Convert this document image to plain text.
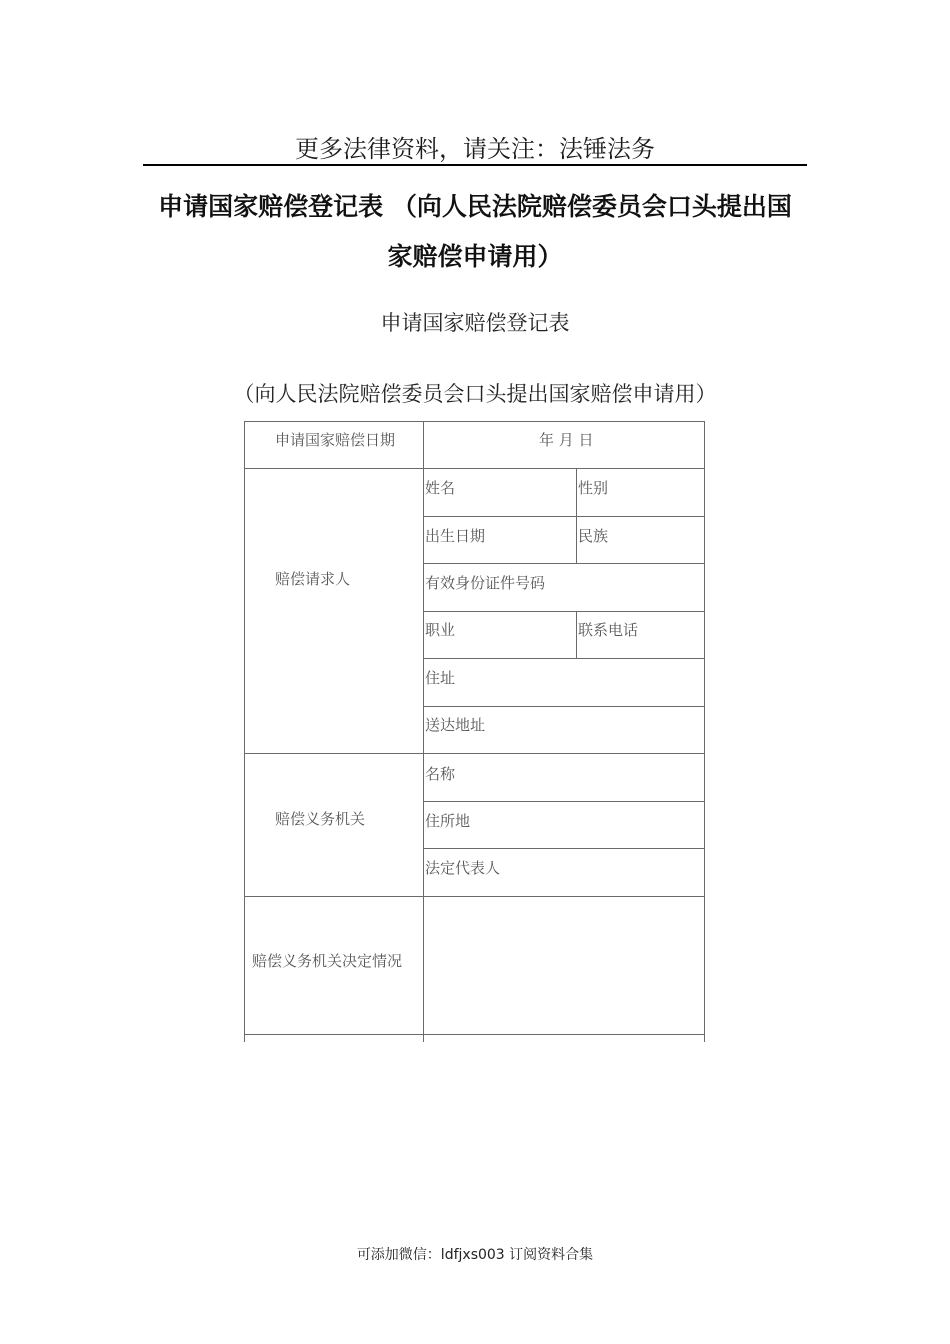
更多法律资料，请关注：法锤法务
申请国家赔偿登记表 （向人民法院赔偿委员会口头提出国
家赔偿申请用）
申请国家赔偿登记表
（向人民法院赔偿委员会口头提出国家赔偿申请用）
申请国家赔偿日期	年 月 日
赔偿请求人
姓名	性别
出生日期	民族
有效身份证件号码
职业	联系电话
住址
送达地址
赔偿义务机关
名称
住所地
法定代表人
赔偿义务机关决定情况
可添加微信：ldfjxs003 订阅资料合集
